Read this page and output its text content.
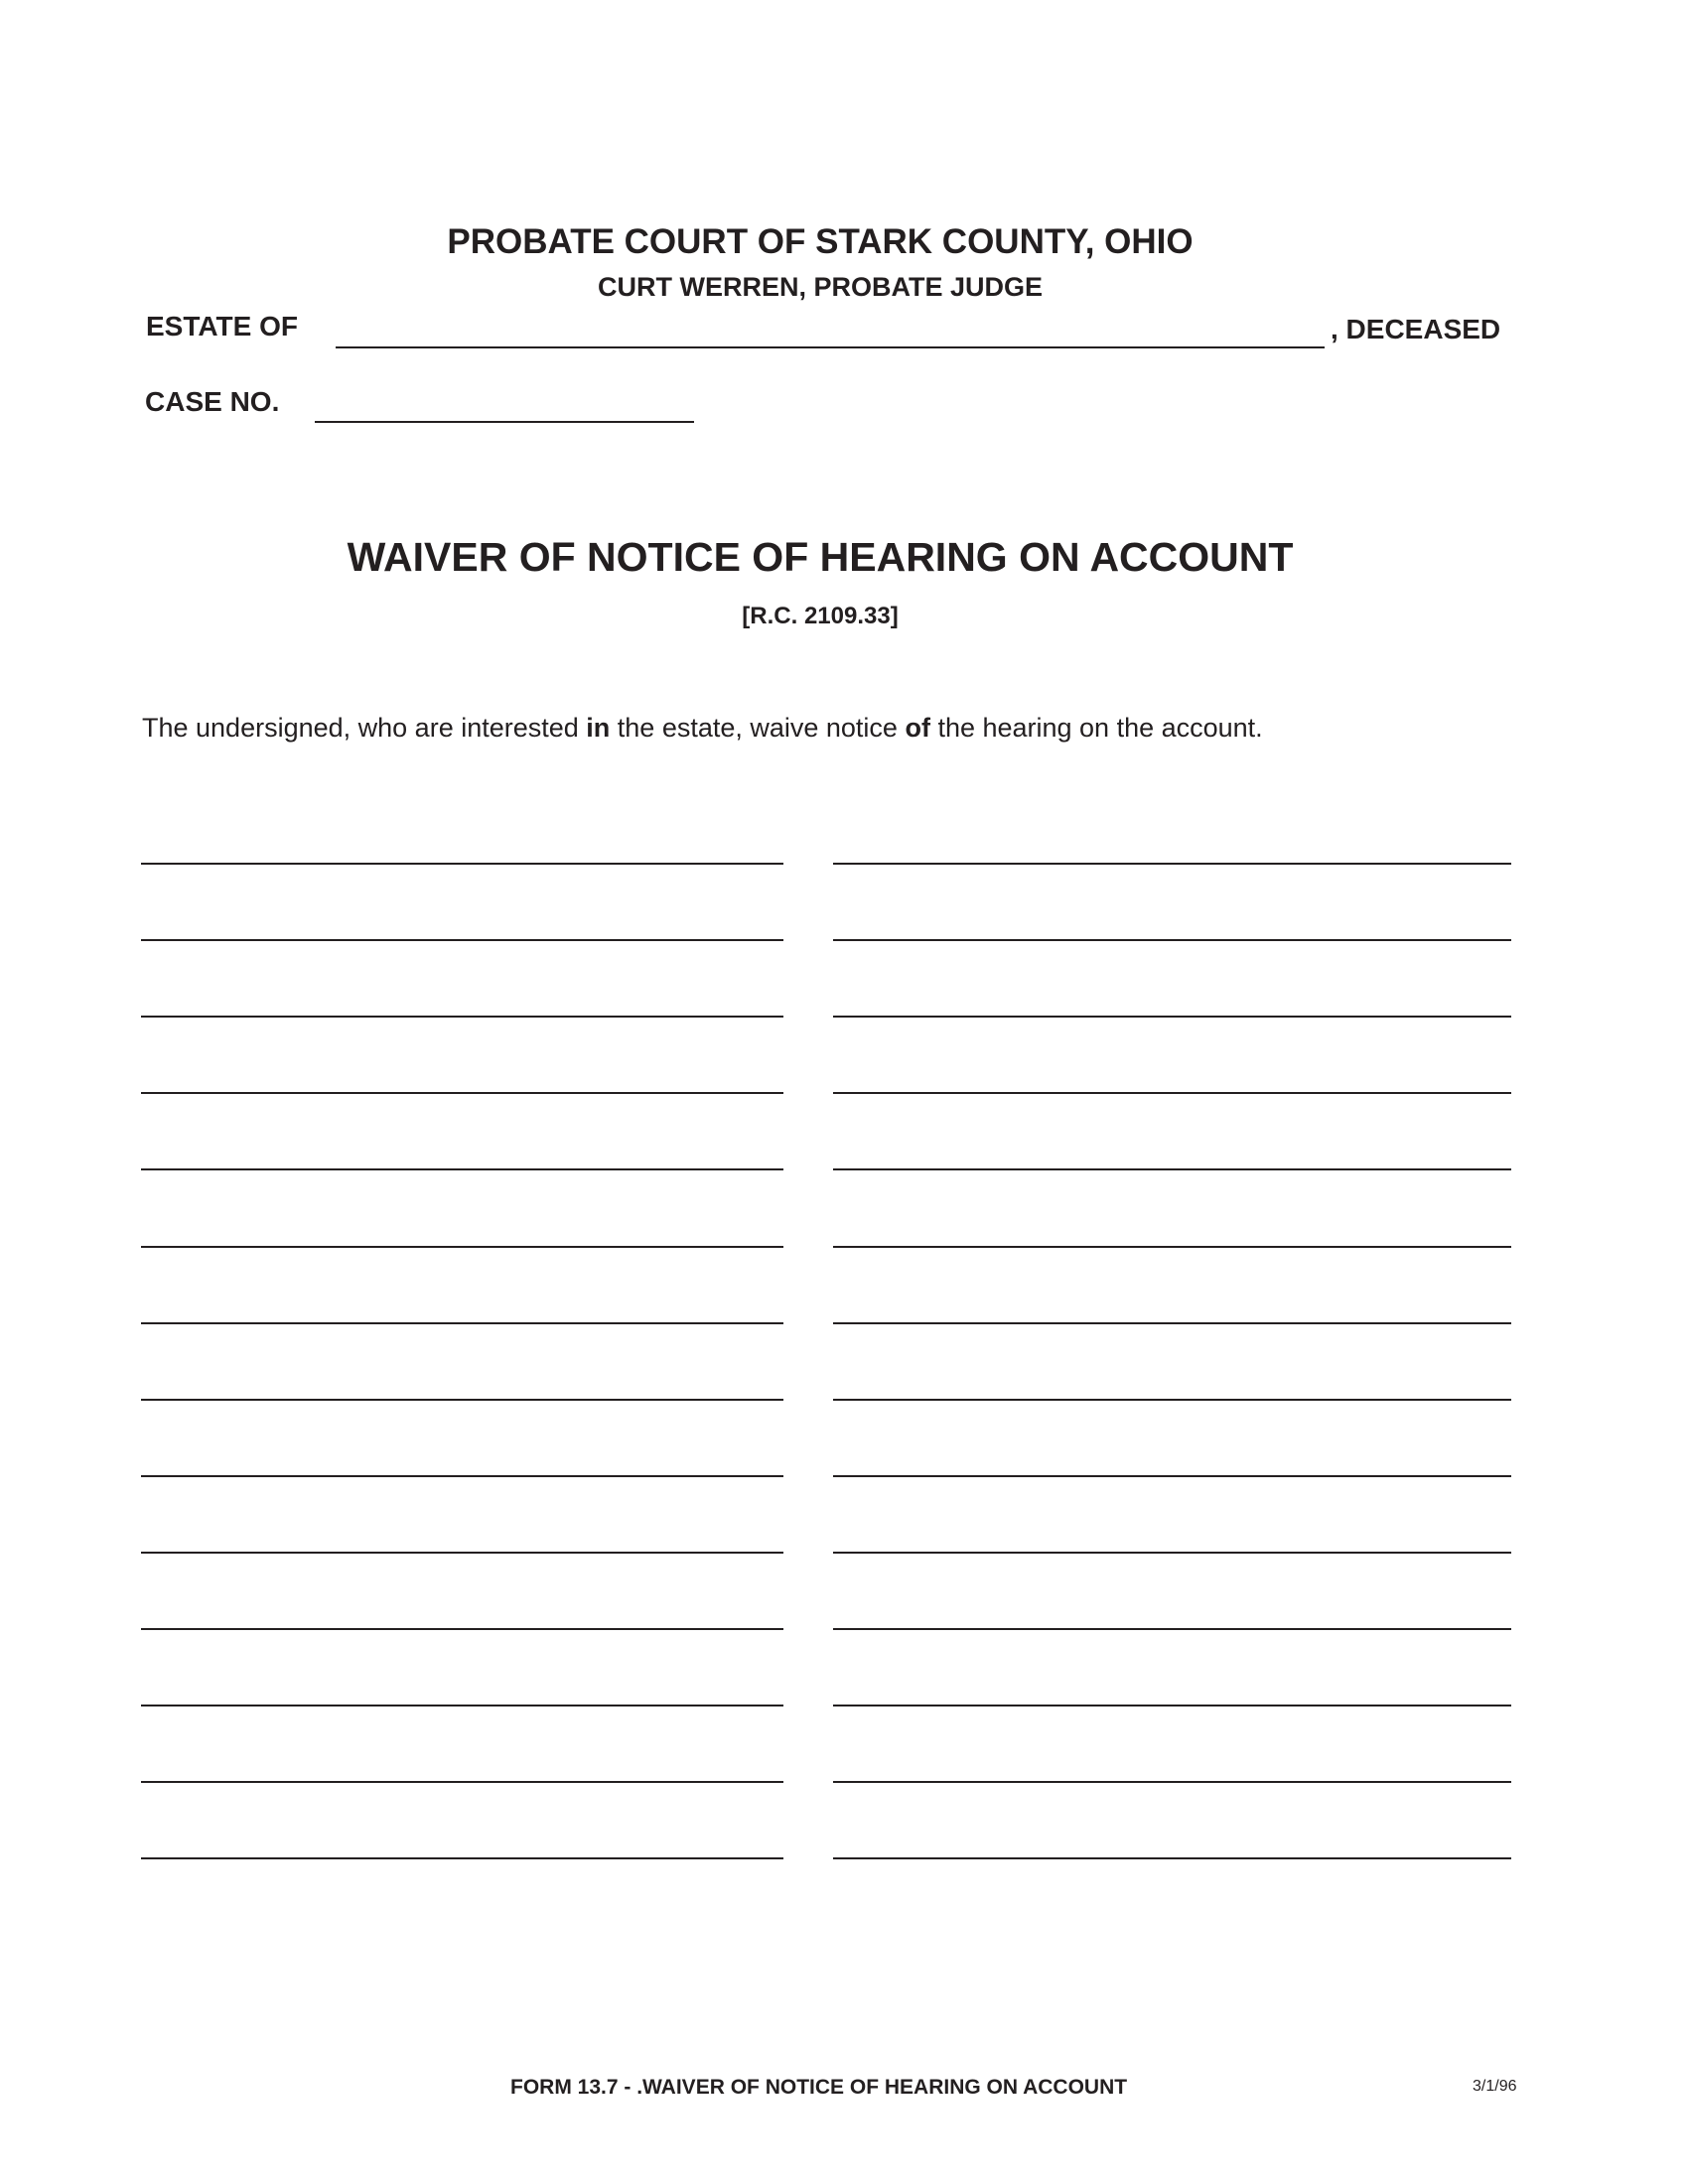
PROBATE COURT OF STARK COUNTY, OHIO
CURT WERREN, PROBATE JUDGE
ESTATE OF	, DECEASED
CASE NO.
WAIVER OF NOTICE OF HEARING ON ACCOUNT
[R.C. 2109.33]
The undersigned, who are interested in the estate, waive notice of the hearing on the account.
FORM 13.7 - .WAIVER OF NOTICE OF HEARING ON ACCOUNT	3/1/96
